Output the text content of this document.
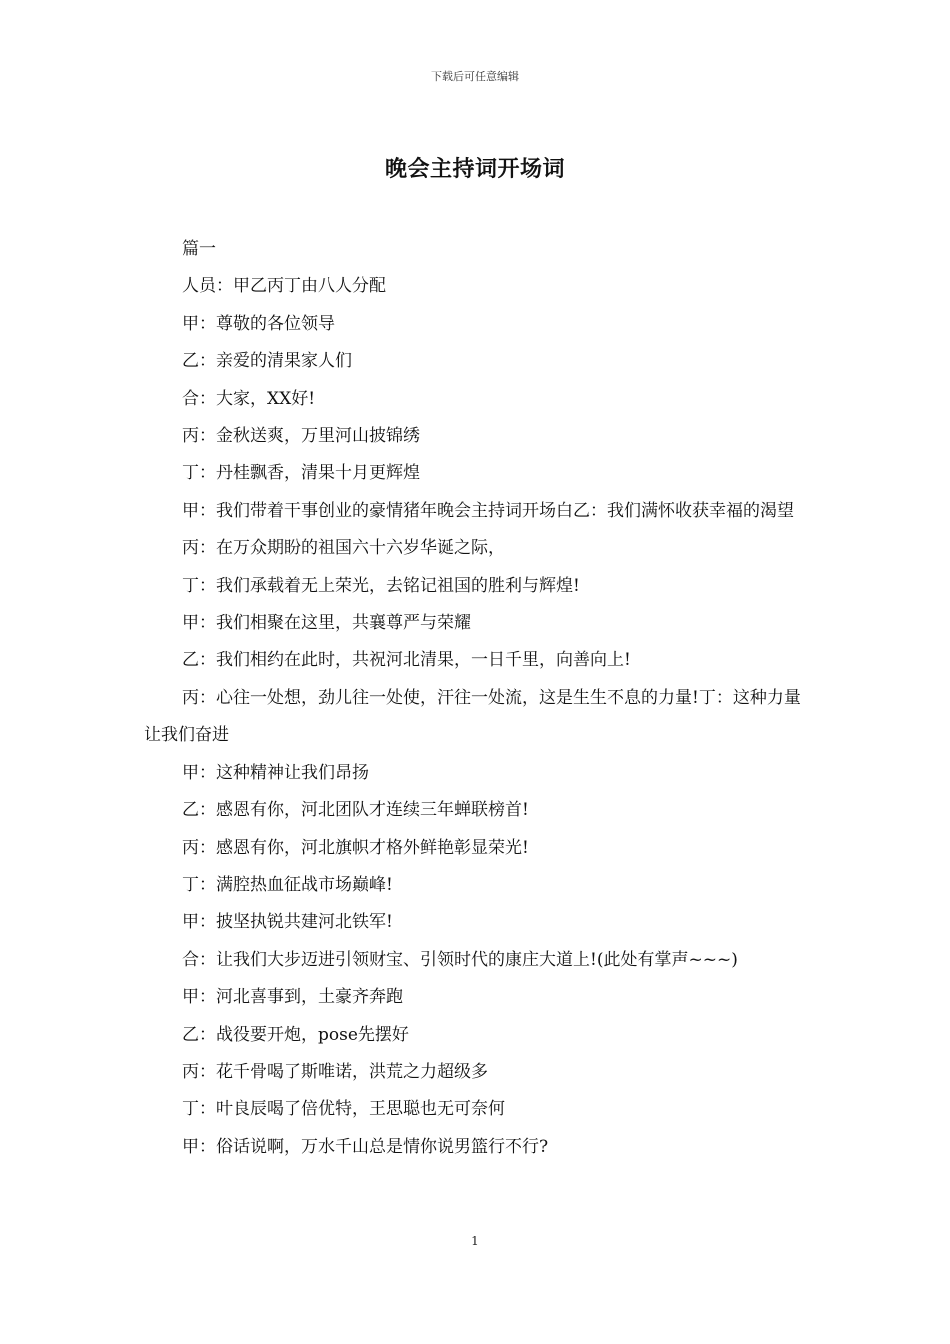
下载后可任意编辑
晚会主持词开场词

篇一

人员：甲乙丙丁由八人分配

甲：尊敬的各位领导

乙：亲爱的清果家人们

合：大家，XX好!

丙：金秋送爽，万里河山披锦绣

丁：丹桂飘香，清果十月更辉煌

甲：我们带着干事创业的豪情猪年晚会主持词开场白乙：我们满怀收获幸福的渴望

丙：在万众期盼的祖国六十六岁华诞之际，

丁：我们承载着无上荣光，去铭记祖国的胜利与辉煌!

甲：我们相聚在这里，共襄尊严与荣耀

乙：我们相约在此时，共祝河北清果，一日千里，向善向上!

丙：心往一处想，劲儿往一处使，汗往一处流，这是生生不息的力量!丁：这种力量让我们奋进

甲：这种精神让我们昂扬

乙：感恩有你，河北团队才连续三年蝉联榜首!

丙：感恩有你，河北旗帜才格外鲜艳彰显荣光!

丁：满腔热血征战市场巅峰!

甲：披坚执锐共建河北铁军!

合：让我们大步迈进引领财宝、引领时代的康庄大道上!(此处有掌声~~~)

甲：河北喜事到，土豪齐奔跑

乙：战役要开炮，pose先摆好

丙：花千骨喝了斯唯诺，洪荒之力超级多

丁：叶良辰喝了倍优特，王思聪也无可奈何

甲：俗话说啊，万水千山总是情你说男篮行不行?

1
